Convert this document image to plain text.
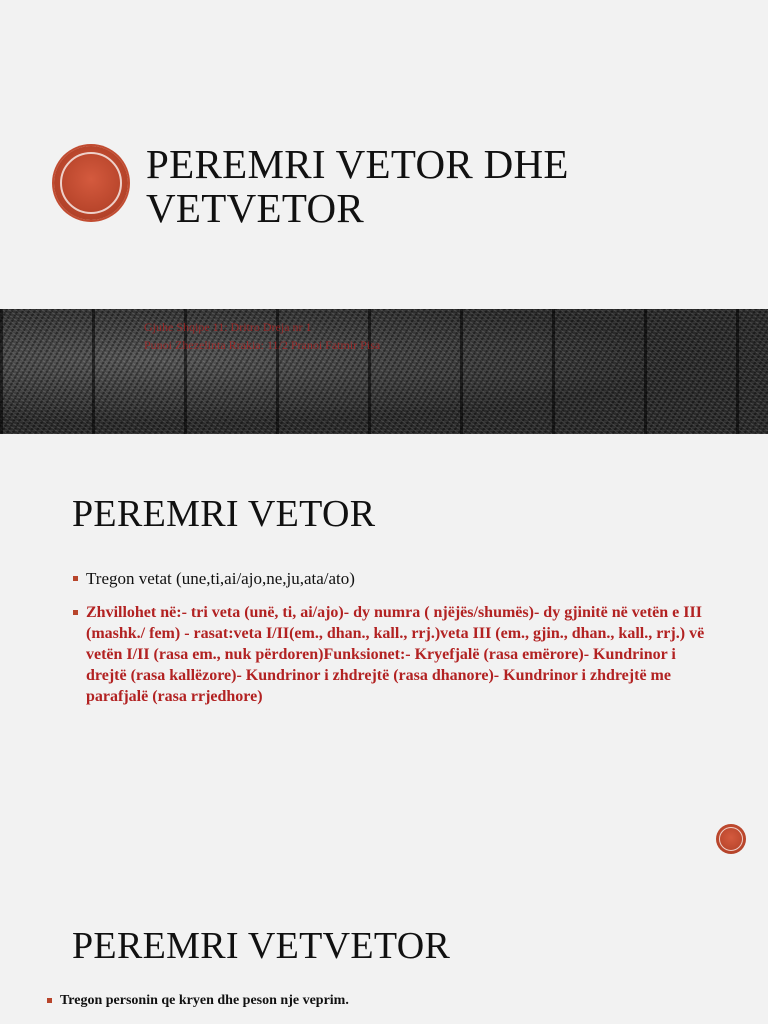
PEREMRI VETOR DHE VETVETOR
Gjuhe Shqipe 11: Dritro Dreja nr 1
Punoi Zhezelinta Rrakia: 11/2 Pranoi Fatmir Pisa
PEREMRI VETOR
Tregon vetat (une,ti,ai/ajo,ne,ju,ata/ato)
Zhvillohet në:- tri veta (unë, ti, ai/ajo)- dy numra ( njëjës/shumës)- dy gjinitë në vetën e III (mashk./ fem) - rasat:veta I/II(em., dhan., kall., rrj.)veta III (em., gjin., dhan., kall., rrj.) vë vetën I/II (rasa em., nuk përdoren)Funksionet:- Kryefjalë (rasa emërore)- Kundrinor i drejtë (rasa kallëzore)- Kundrinor i zhdrejtë (rasa dhanore)- Kundrinor i zhdrejtë me parafjalë (rasa rrjedhore)
PEREMRI VETVETOR
Tregon personin qe kryen dhe peson nje veprim.
